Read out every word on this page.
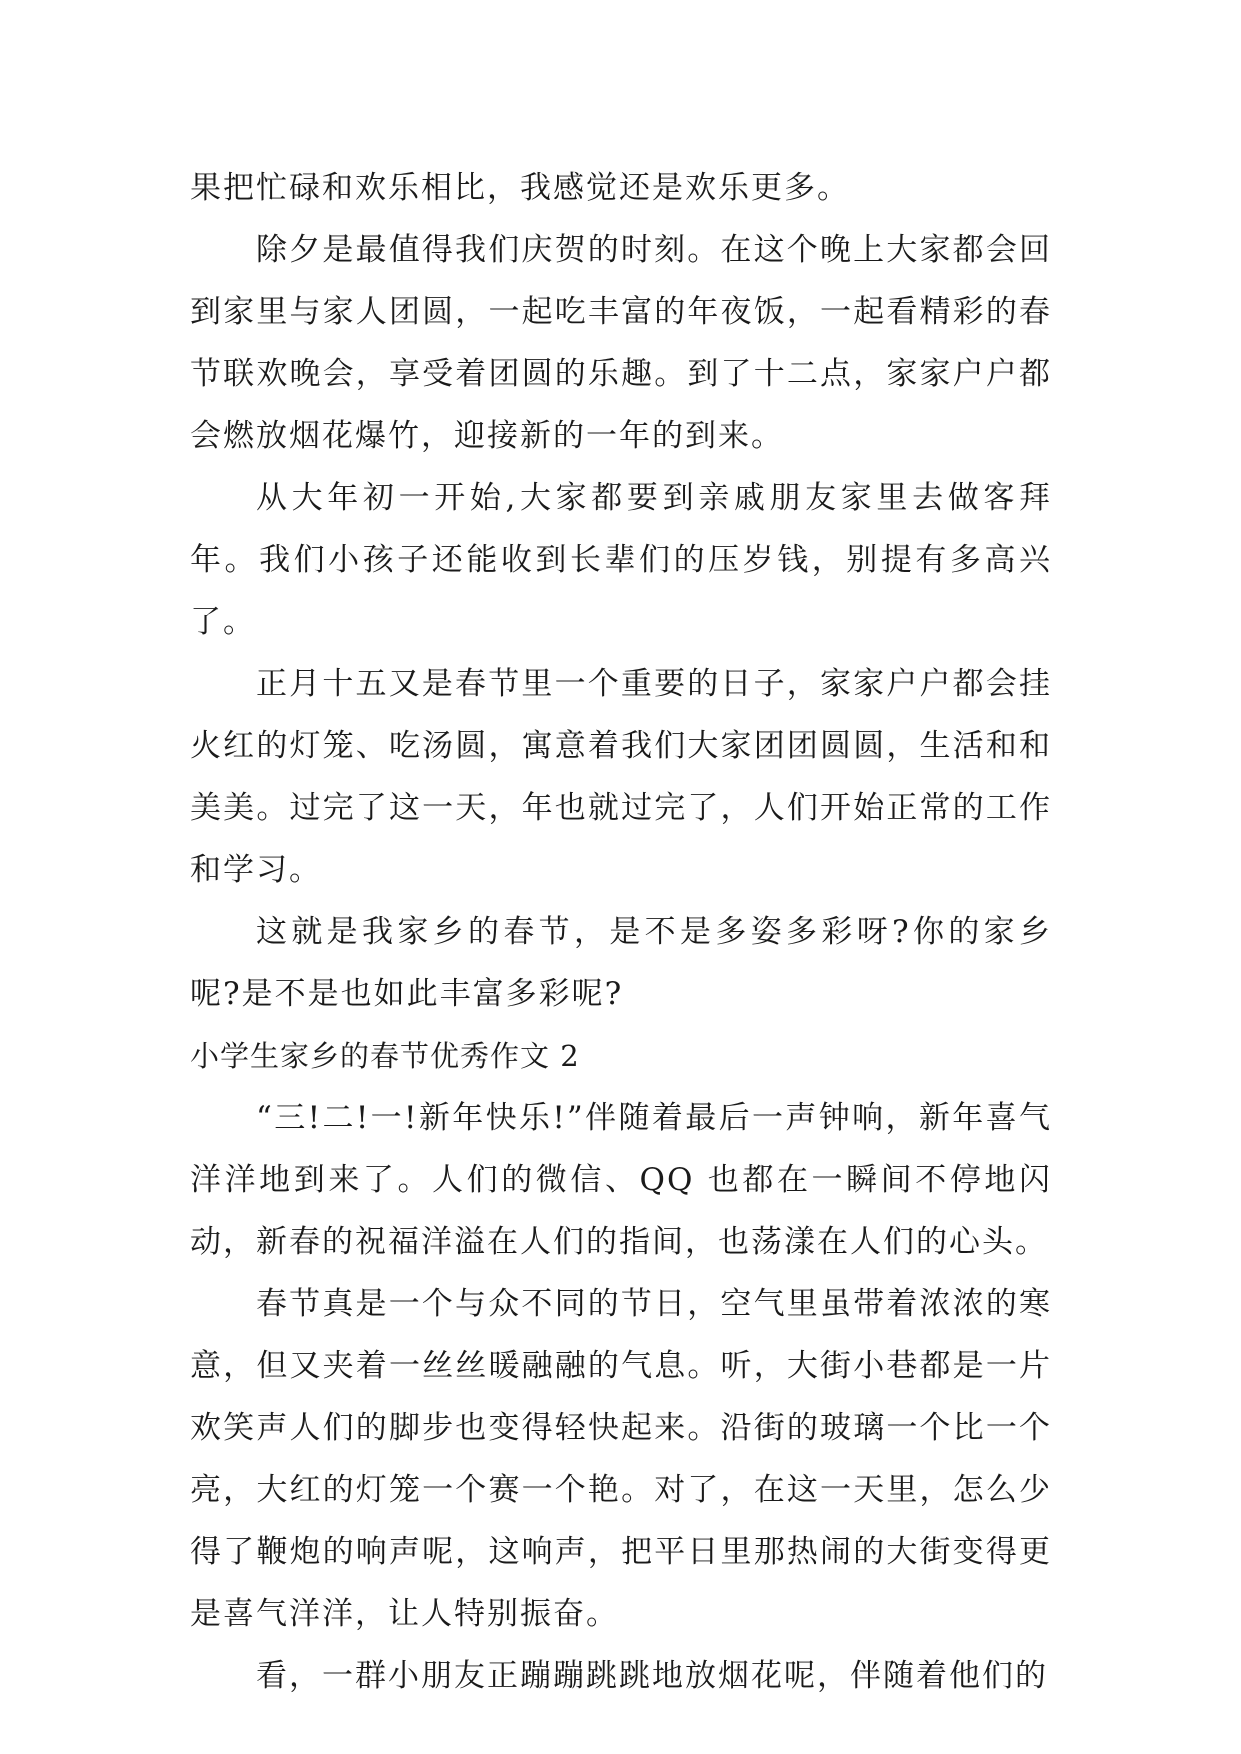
果把忙碌和欢乐相比，我感觉还是欢乐更多。

除夕是最值得我们庆贺的时刻。在这个晚上大家都会回到家里与家人团圆，一起吃丰富的年夜饭，一起看精彩的春节联欢晚会，享受着团圆的乐趣。到了十二点，家家户户都会燃放烟花爆竹，迎接新的一年的到来。

从大年初一开始,大家都要到亲戚朋友家里去做客拜年。我们小孩子还能收到长辈们的压岁钱，别提有多高兴了。

正月十五又是春节里一个重要的日子，家家户户都会挂火红的灯笼、吃汤圆，寓意着我们大家团团圆圆，生活和和美美。过完了这一天，年也就过完了，人们开始正常的工作和学习。

这就是我家乡的春节，是不是多姿多彩呀?你的家乡呢?是不是也如此丰富多彩呢?

小学生家乡的春节优秀作文 2

“三!二!一!新年快乐!”伴随着最后一声钟响，新年喜气洋洋地到来了。人们的微信、QQ 也都在一瞬间不停地闪动，新春的祝福洋溢在人们的指间，也荡漾在人们的心头。

春节真是一个与众不同的节日，空气里虽带着浓浓的寒意，但又夹着一丝丝暖融融的气息。听，大街小巷都是一片欢笑声人们的脚步也变得轻快起来。沿街的玻璃一个比一个亮，大红的灯笼一个赛一个艳。对了，在这一天里，怎么少得了鞭炮的响声呢，这响声，把平日里那热闹的大街变得更是喜气洋洋，让人特别振奋。

看，一群小朋友正蹦蹦跳跳地放烟花呢，伴随着他们的
